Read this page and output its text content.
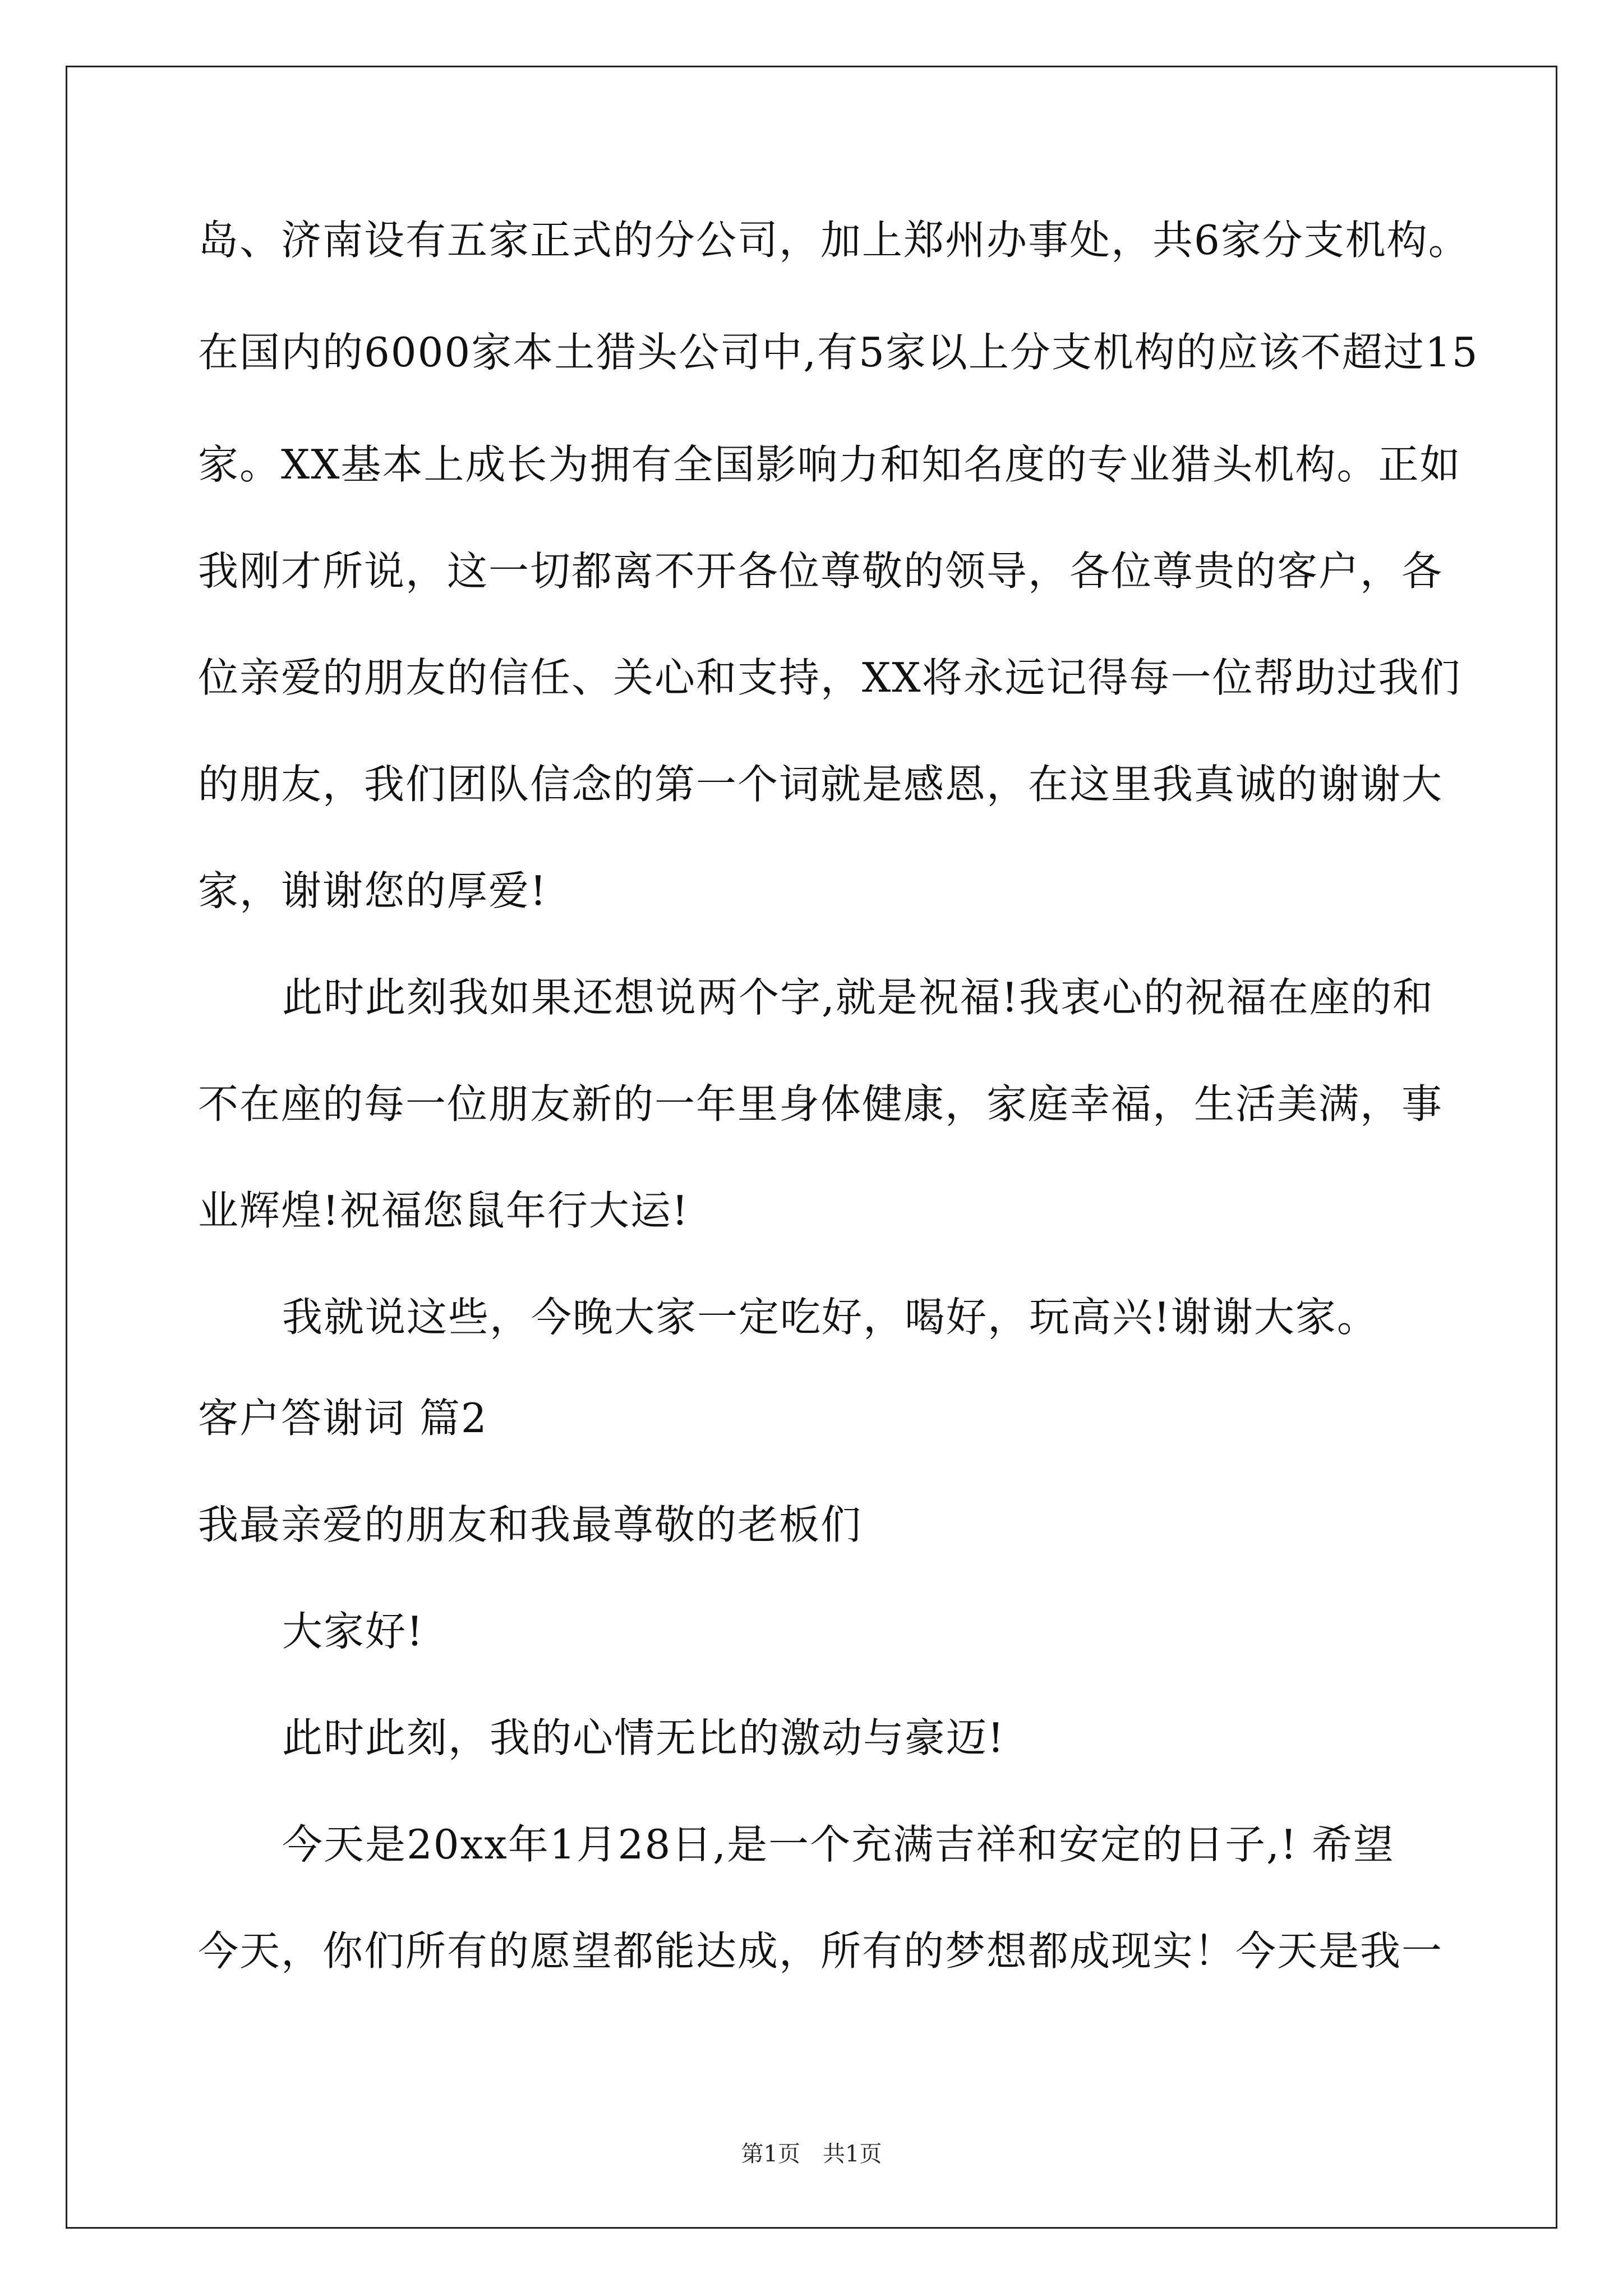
岛、济南设有五家正式的分公司，加上郑州办事处，共6家分支机构。
在国内的6000家本土猎头公司中,有5家以上分支机构的应该不超过15
家。XX基本上成长为拥有全国影响力和知名度的专业猎头机构。正如
我刚才所说，这一切都离不开各位尊敬的领导，各位尊贵的客户，各
位亲爱的朋友的信任、关心和支持，XX将永远记得每一位帮助过我们
的朋友，我们团队信念的第一个词就是感恩，在这里我真诚的谢谢大
家，谢谢您的厚爱!
此时此刻我如果还想说两个字,就是祝福!我衷心的祝福在座的和
不在座的每一位朋友新的一年里身体健康，家庭幸福，生活美满，事
业辉煌!祝福您鼠年行大运!
我就说这些，今晚大家一定吃好，喝好，玩高兴!谢谢大家。
客户答谢词 篇2
我最亲爱的朋友和我最尊敬的老板们
大家好!
此时此刻，我的心情无比的激动与豪迈!
今天是20xx年1月28日,是一个充满吉祥和安定的日子,! 希望
今天，你们所有的愿望都能达成，所有的梦想都成现实！今天是我一
第1页　共1页
